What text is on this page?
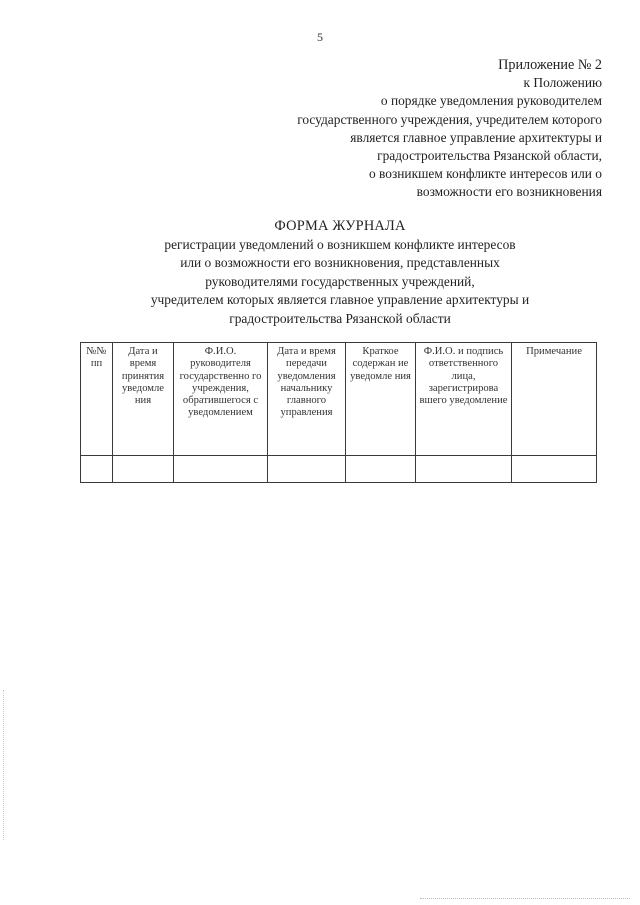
5
Приложение № 2
к Положению
о порядке уведомления руководителем
государственного учреждения, учредителем которого
является главное управление архитектуры и
градостроительства Рязанской области,
о возникшем конфликте интересов или о
возможности его возникновения
ФОРМА ЖУРНАЛА
регистрации уведомлений о возникшем конфликте интересов
или о возможности его возникновения, представленных
руководителями государственных учреждений,
учредителем которых является главное управление архитектуры и
градостроительства Рязанской области
№№ пп	Дата и время принятия уведомле ния	Ф.И.О. руководителя государственно го учреждения, обратившегося с уведомлением	Дата и время передачи уведомления начальнику главного управления	Краткое содержан ие уведомле ния	Ф.И.О. и подпись ответственного лица, зарегистрирова вшего уведомление	Примечание
